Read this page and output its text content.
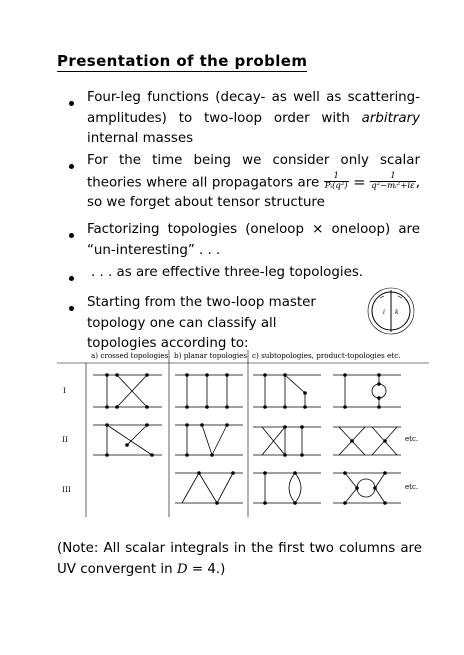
Presentation of the problem
Four-leg functions (decay- as well as scattering-amplitudes) to two-loop order with arbitrary internal masses
For the time being we consider only scalar theories where all propagators are $\frac{1}{\text{Pᵢ(q²)}} = \frac{1}{\text{q²−mᵢ²+iε}}$ , so we forget about tensor structure
Factorizing topologies (oneloop × oneloop) are “un-interesting” . . .
. . . as are effective three-leg topologies.
Starting from the two-loop master topology one can classify all topologies according to:
i k
a) crossed topologies b) planar topologies c) subtopologies, product-topologies etc.
I
II
III
etc.
etc.
(Note: All scalar integrals in the first two columns are UV convergent in D = 4.)
